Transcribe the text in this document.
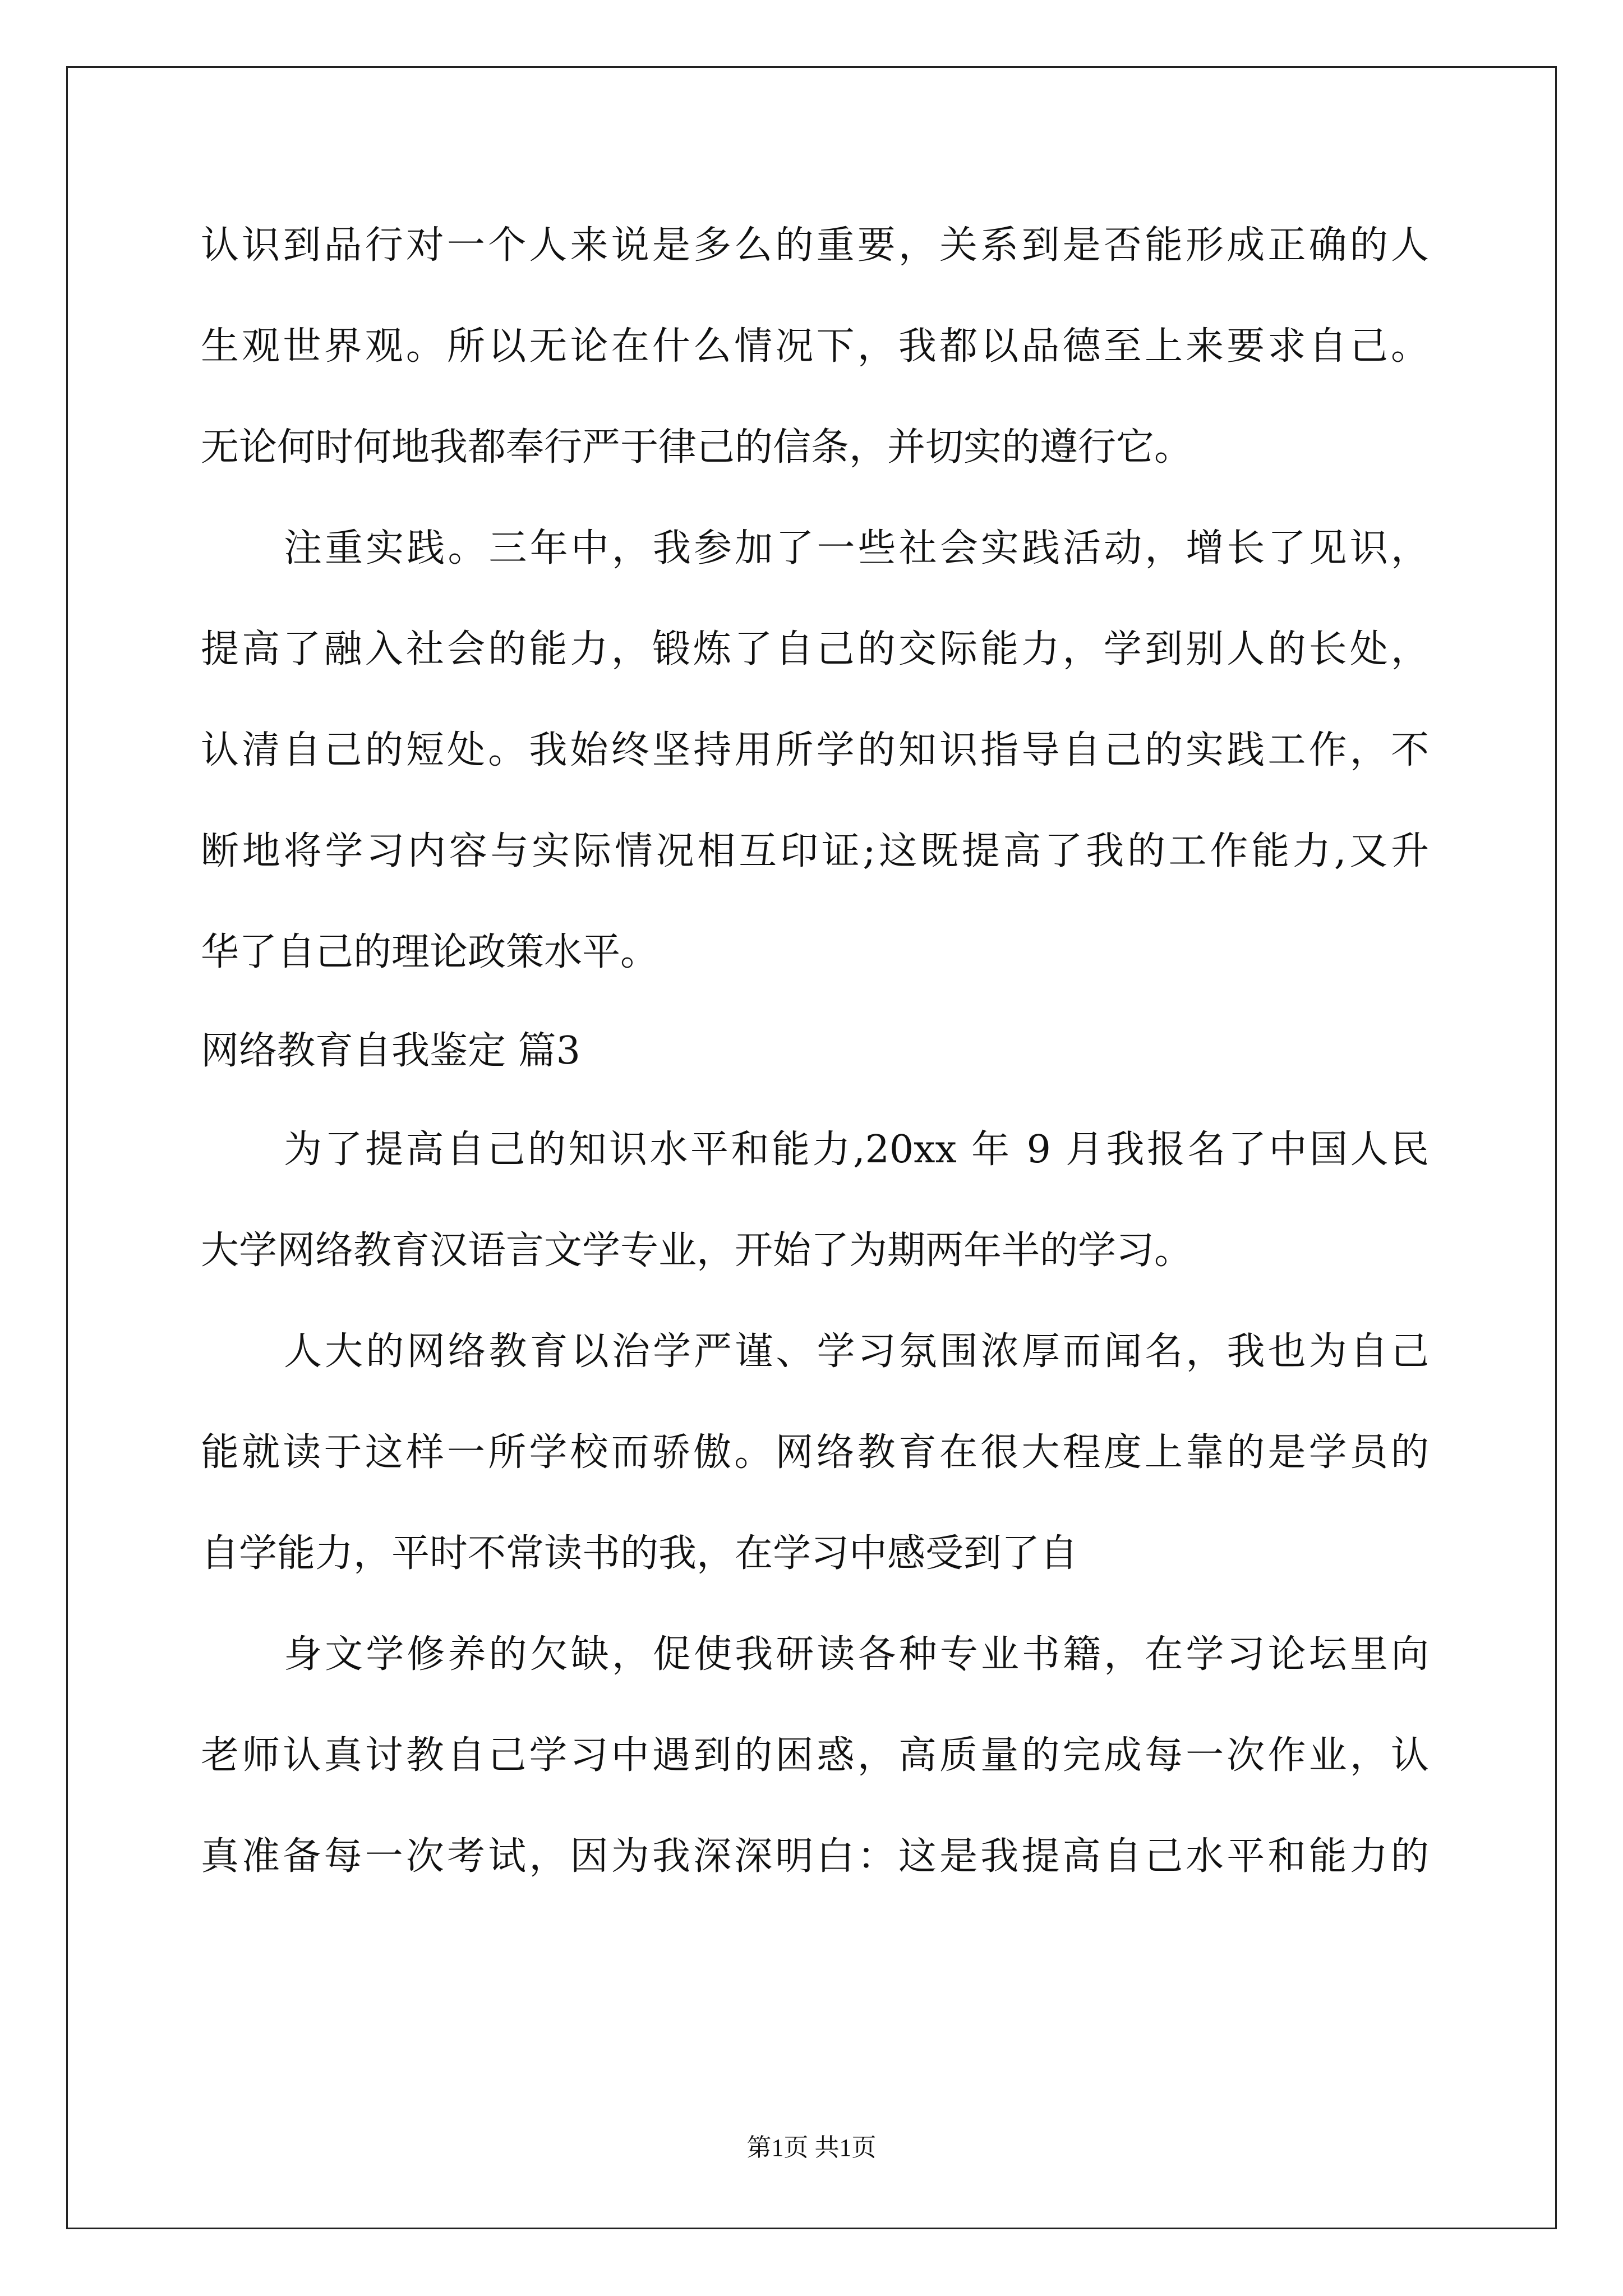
认识到品行对一个人来说是多么的重要，关系到是否能形成正确的人
生观世界观。所以无论在什么情况下，我都以品德至上来要求自己。
无论何时何地我都奉行严于律己的信条，并切实的遵行它。
注重实践。三年中，我参加了一些社会实践活动，增长了见识，
提高了融入社会的能力，锻炼了自己的交际能力，学到别人的长处，
认清自己的短处。我始终坚持用所学的知识指导自己的实践工作，不
断地将学习内容与实际情况相互印证;这既提高了我的工作能力,又升
华了自己的理论政策水平。
网络教育自我鉴定 篇3
为了提高自己的知识水平和能力,20xx 年 9 月我报名了中国人民
大学网络教育汉语言文学专业，开始了为期两年半的学习。
人大的网络教育以治学严谨、学习氛围浓厚而闻名，我也为自己
能就读于这样一所学校而骄傲。网络教育在很大程度上靠的是学员的
自学能力，平时不常读书的我，在学习中感受到了自
身文学修养的欠缺，促使我研读各种专业书籍，在学习论坛里向
老师认真讨教自己学习中遇到的困惑，高质量的完成每一次作业，认
真准备每一次考试，因为我深深明白：这是我提高自己水平和能力的
第1页 共1页
